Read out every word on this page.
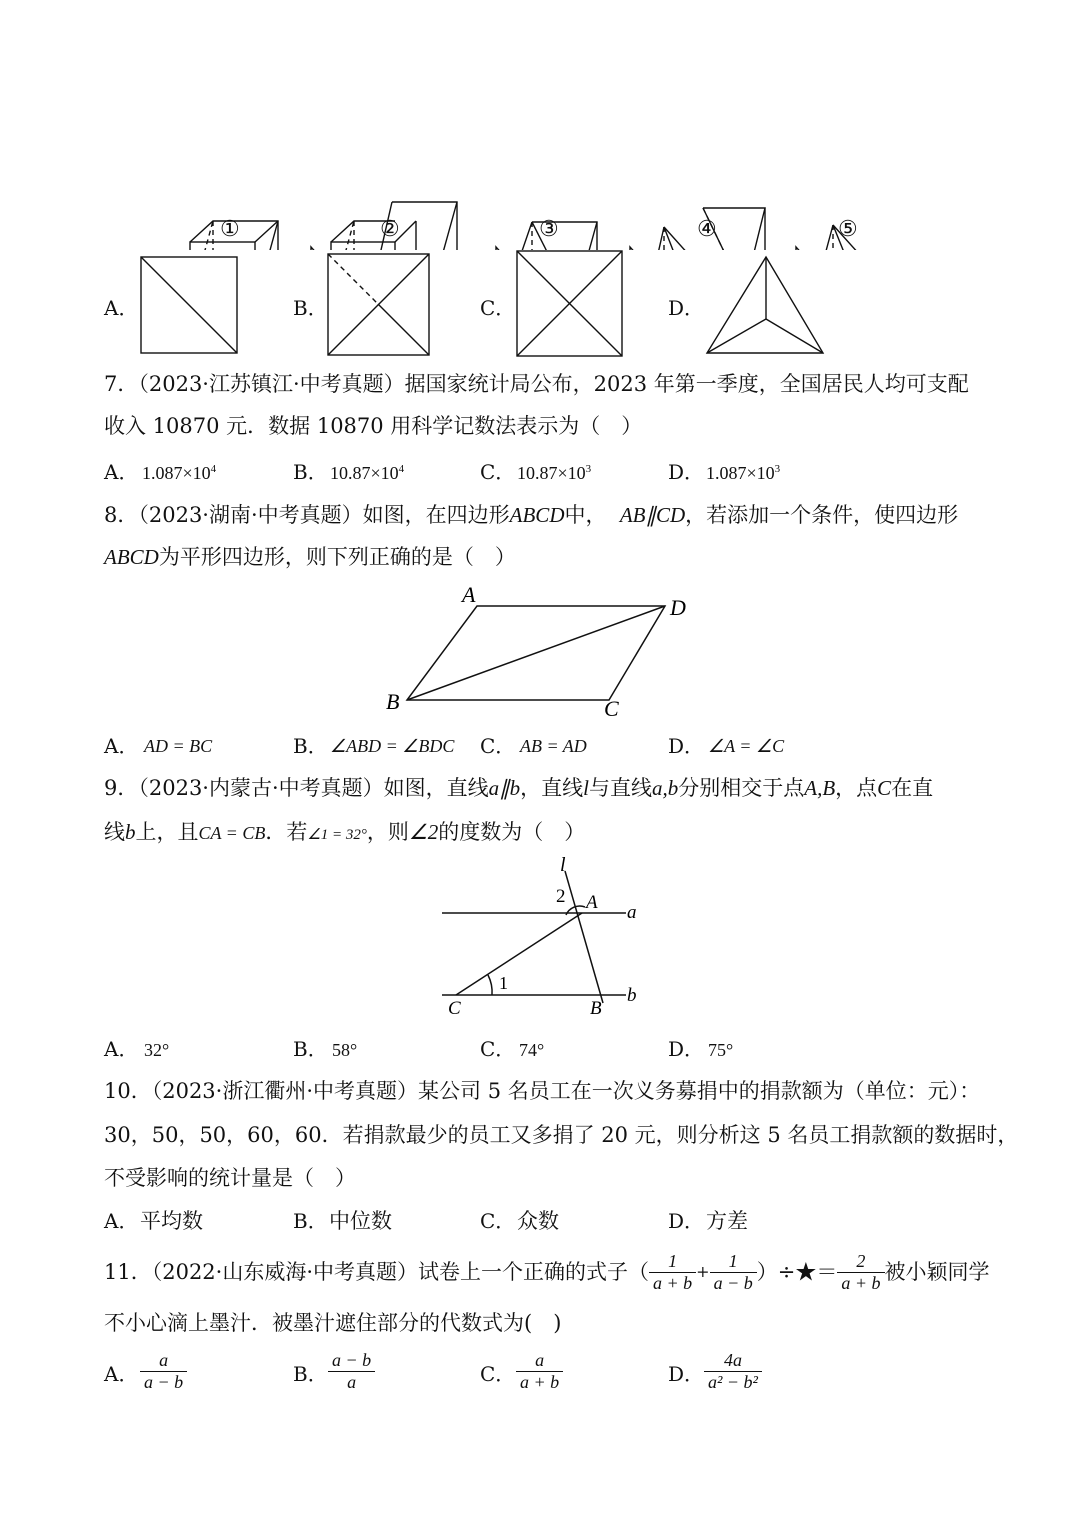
①	②	③	④	⑤
A．	B．	C．	D．
7．（2023·江苏镇江·中考真题）据国家统计局公布，2023 年第一季度，全国居民人均可支配
收入 10870 元．数据 10870 用科学记数法表示为（　）
A． $1.087\times 10^4$	B． $10.87\times 10^4$	C． $10.87\times 10^3$	D． $1.087\times 10^3$
8．（2023·湖南·中考真题）如图，在四边形ABCD中， AB∥CD，若添加一个条件，使四边形
ABCD为平形四边形，则下列正确的是（　）
A
D
B	C
A． AD = BC	B． ∠ABD = ∠BDC C． AB = AD	D． ∠A = ∠C
9．（2023·内蒙古·中考真题）如图，直线a∥b，直线l与直线a,b分别相交于点A,B，点C在直
线b上，且CA = CB．若∠1 = 32°，则∠2的度数为（　）
l
2 A a
1
C	B
b
A． 32°	B． 58°	C． 74°	D． 75°
10．（2023·浙江衢州·中考真题）某公司 5 名员工在一次义务募捐中的捐款额为（单位：元）：
30，50，50，60，60．若捐款最少的员工又多捐了 20 元，则分析这 5 名员工捐款额的数据时，
不受影响的统计量是（　）
A． 平均数	B． 中位数	C． 众数	D． 方差
11．（2022·山东威海·中考真题）试卷上一个正确的式子（ $\frac{1}{a + b} + \frac{1}{a - b}$ ）÷★＝ $\frac{2}{a + b}$ 被小颖同学
不小心滴上墨汁．被墨汁遮住部分的代数式为(　)
A． $\frac{a}{a - b}$	B． $\frac{a - b}{a}$	C． $\frac{a}{a + b}$	D． $\frac{4a}{\text{a² − b²}}$
